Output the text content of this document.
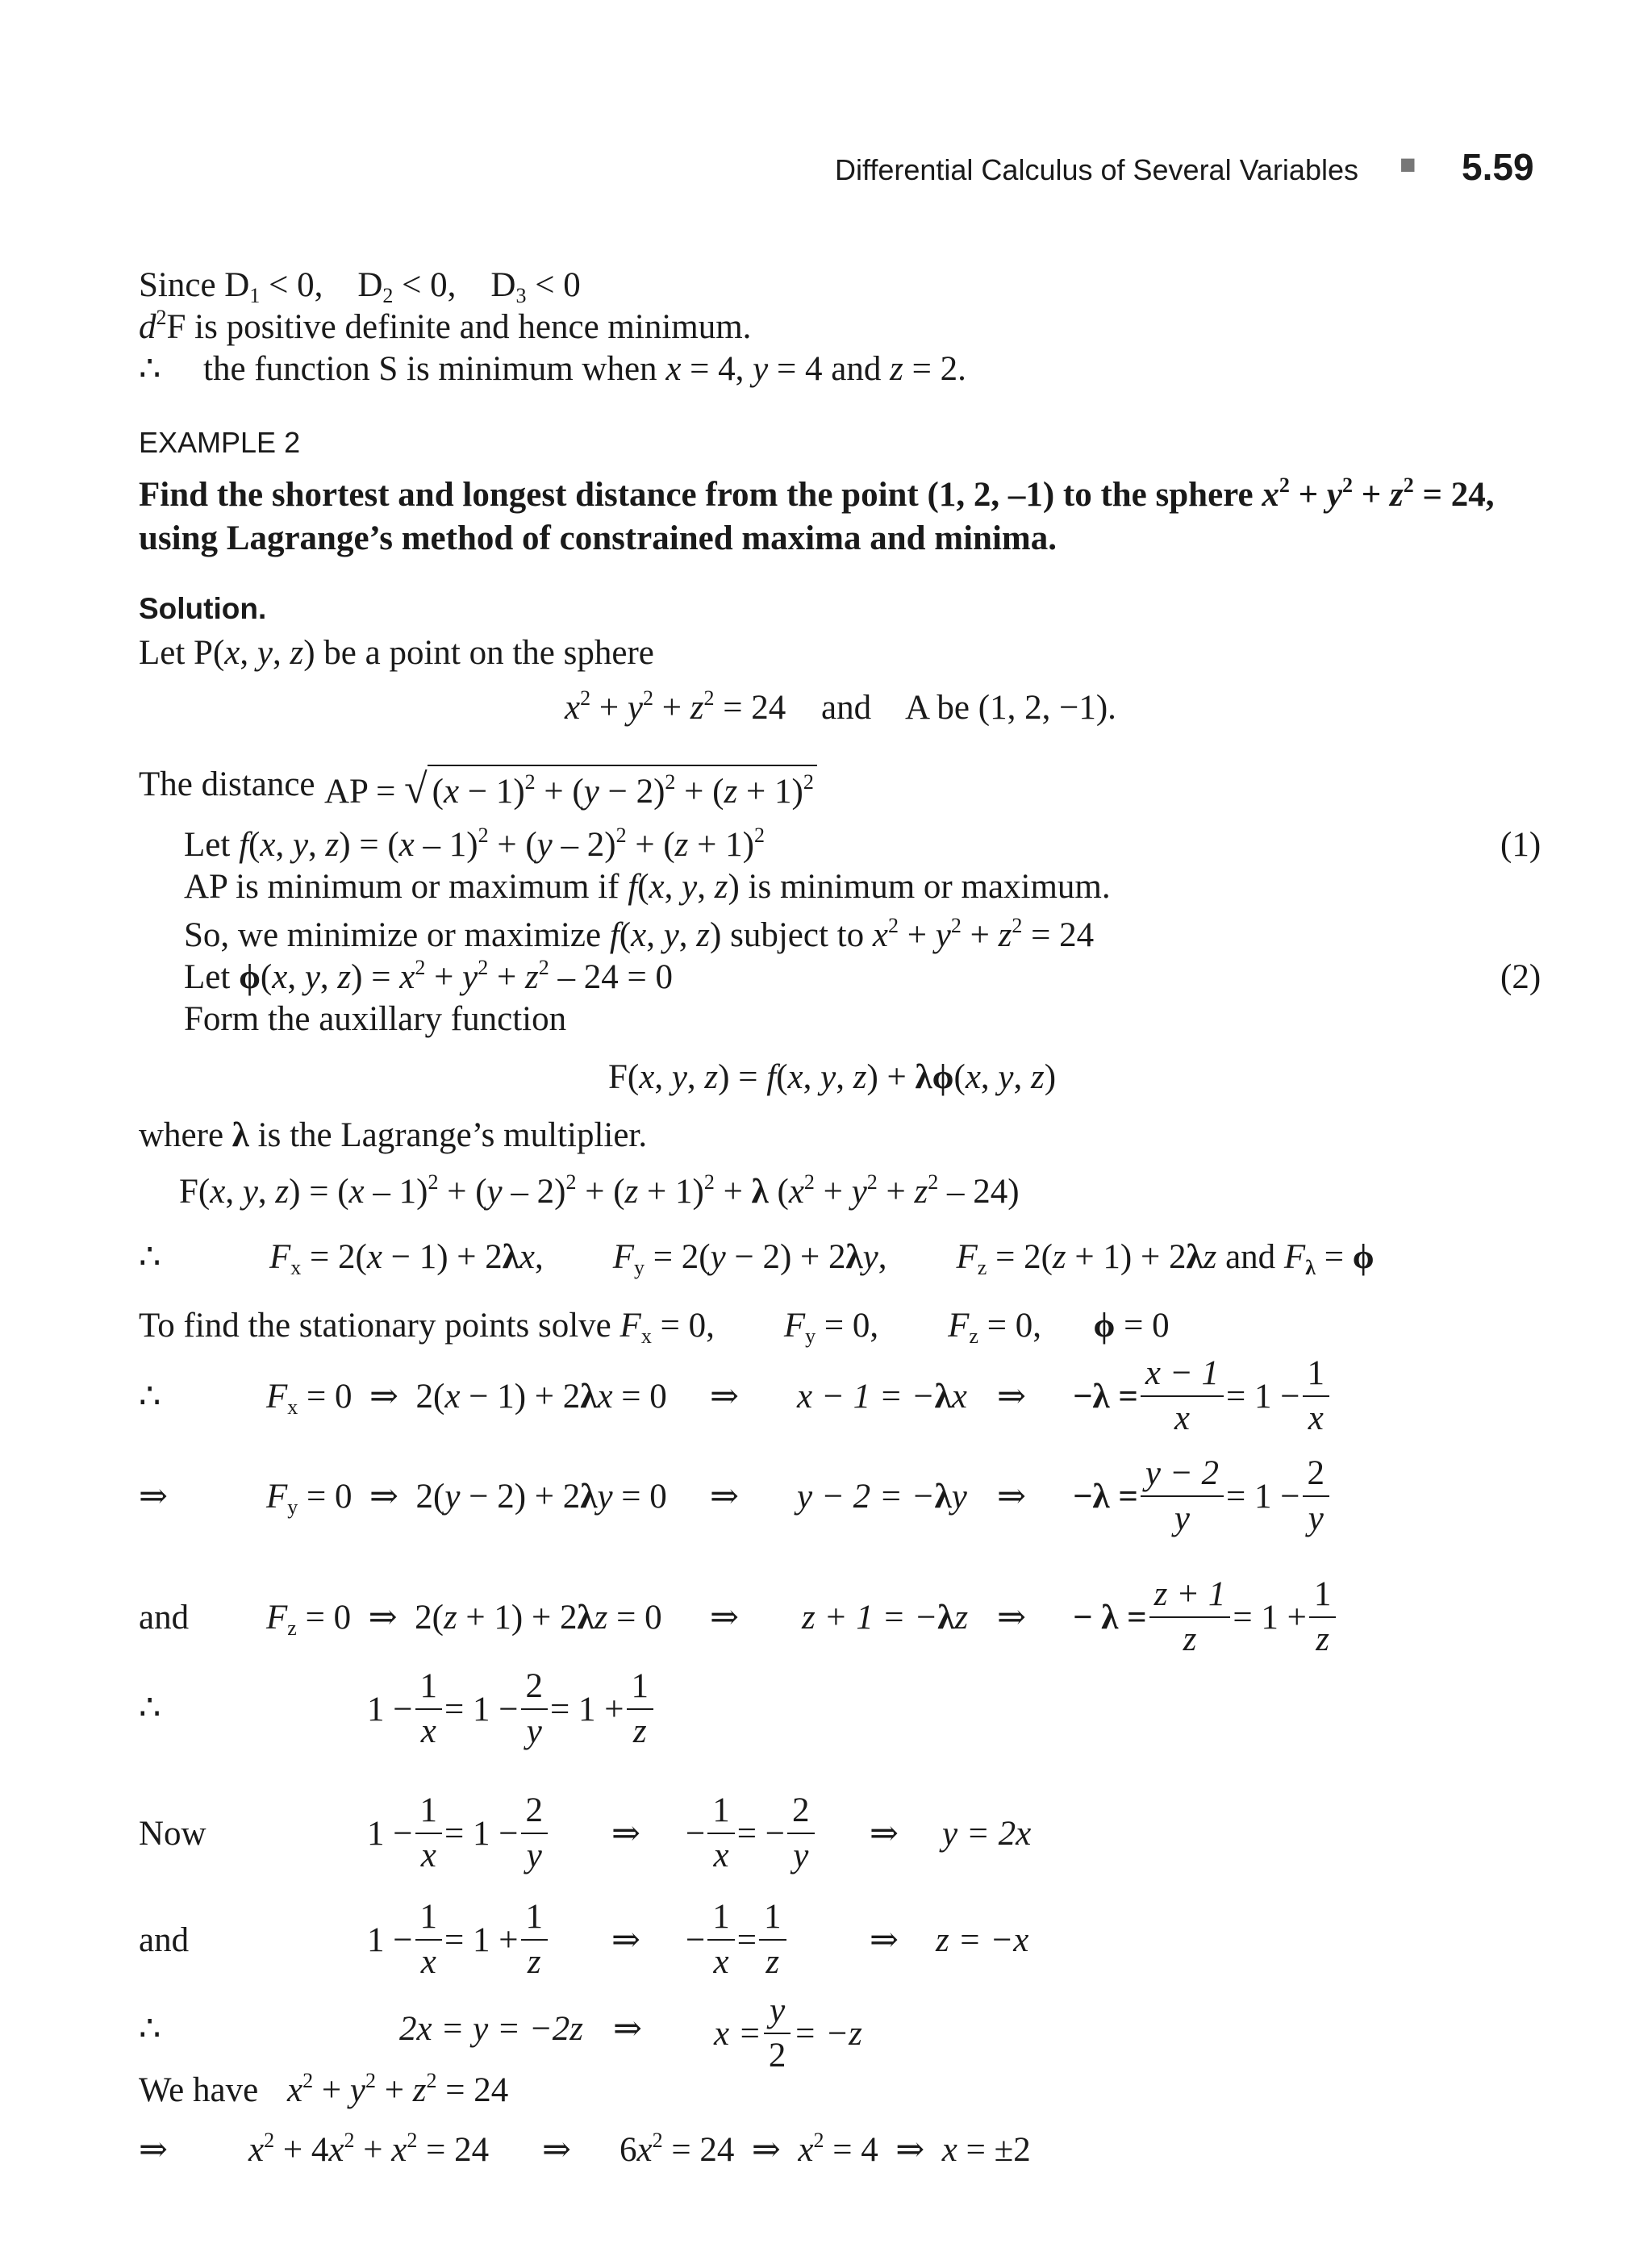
Differential Calculus of Several Variables ■ 5.59
Since $D_1 < 0$,    $D_2 < 0$,    $D_3 < 0$
$d^2F$ is positive definite and hence minimum.
∴ the function S is minimum when x = 4, y = 4 and z = 2.
EXAMPLE 2
Find the shortest and longest distance from the point (1, 2, –1) to the sphere $x^2 + y^2 + z^2 = 24$,
using Lagrange’s method of constrained maxima and minima.
Solution.
Let P(x, y, z) be a point on the sphere
$x^2 + y^2 + z^2 = 24$ and A be (1, 2, −1).
The distance AP = √ $(x - 1)^2 + (y - 2)^2 + (z + 1)^2$
Let f(x, y, $z) = (x - 1)^2 + (y - 2)^2 + (z + 1)^2$	(1)
AP is minimum or maximum if f(x, y, z) is minimum or maximum.
So, we minimize or maximize f(x, y, z) subject to $x^2 + y^2 + z^2 = 24$
Let ϕ(x, y, $z) = x^2 + y^2 + z^2 - 24 = 0$	(2)
Form the auxillary function
F(x, y, z) = f(x, y, z) + λϕ(x, y, z)
where λ is the Lagrange’s multiplier.
F(x, y, $z) = (x - 1)^2 + (y - 2)^2 + (z + 1)^2 + \lambda$ $(x^2 + y^2 + z^2 - 24)$
∴	$F_x = 2(x - 1) + 2\lambda x$,        $F_y = 2(y - 2) + 2\lambda y$,        $F_z = 2(z + 1) + 2\lambda z$ and $F_\lambda = \phi$
To find the stationary points solve $F_x = 0$,        $F_y = 0$,        $F_z = 0$,      ϕ = 0
∴	$F_x = 0$  ⇒  2(x − 1) + 2λx = 0 ⇒ x − 1 = −λx ⇒ $-\lambda = \frac{x - 1}{x} = 1 - \frac{1}{x}$
⇒	$F_y = 0$  ⇒  2(y − 2) + 2λy = 0 ⇒ y − 2 = −λy ⇒ $-\lambda = \frac{y - 2}{y} = 1 - \frac{2}{y}$
and $F_z = 0$  ⇒  2(z + 1) + 2λz = 0 ⇒ z + 1 = −λz ⇒ − $\lambda = \frac{z + 1}{z} = 1 + \frac{1}{z}$
∴	$1 - \frac{1}{x} = 1 - \frac{2}{y} = 1 + \frac{1}{z}$
Now	$1 - \frac{1}{x} = 1 - \frac{2}{y}$ ⇒ − $\frac{1}{x}$ = − $\frac{2}{y}$ ⇒ y = 2x
and	$1 - \frac{1}{x} = 1 + \frac{1}{z}$ ⇒ − $\frac{1}{x} = \frac{1}{z}$ ⇒ z = −x
∴	2x = y = −2z ⇒ $x = \frac{y}{2} = -z$
We have $x^2 + y^2 + z^2 = 24$
⇒ $x^2 + 4x^2 + x^2 = 24$ ⇒ $6x^2 = 24$  ⇒  $x^2 = 4$  ⇒  x = ±2
